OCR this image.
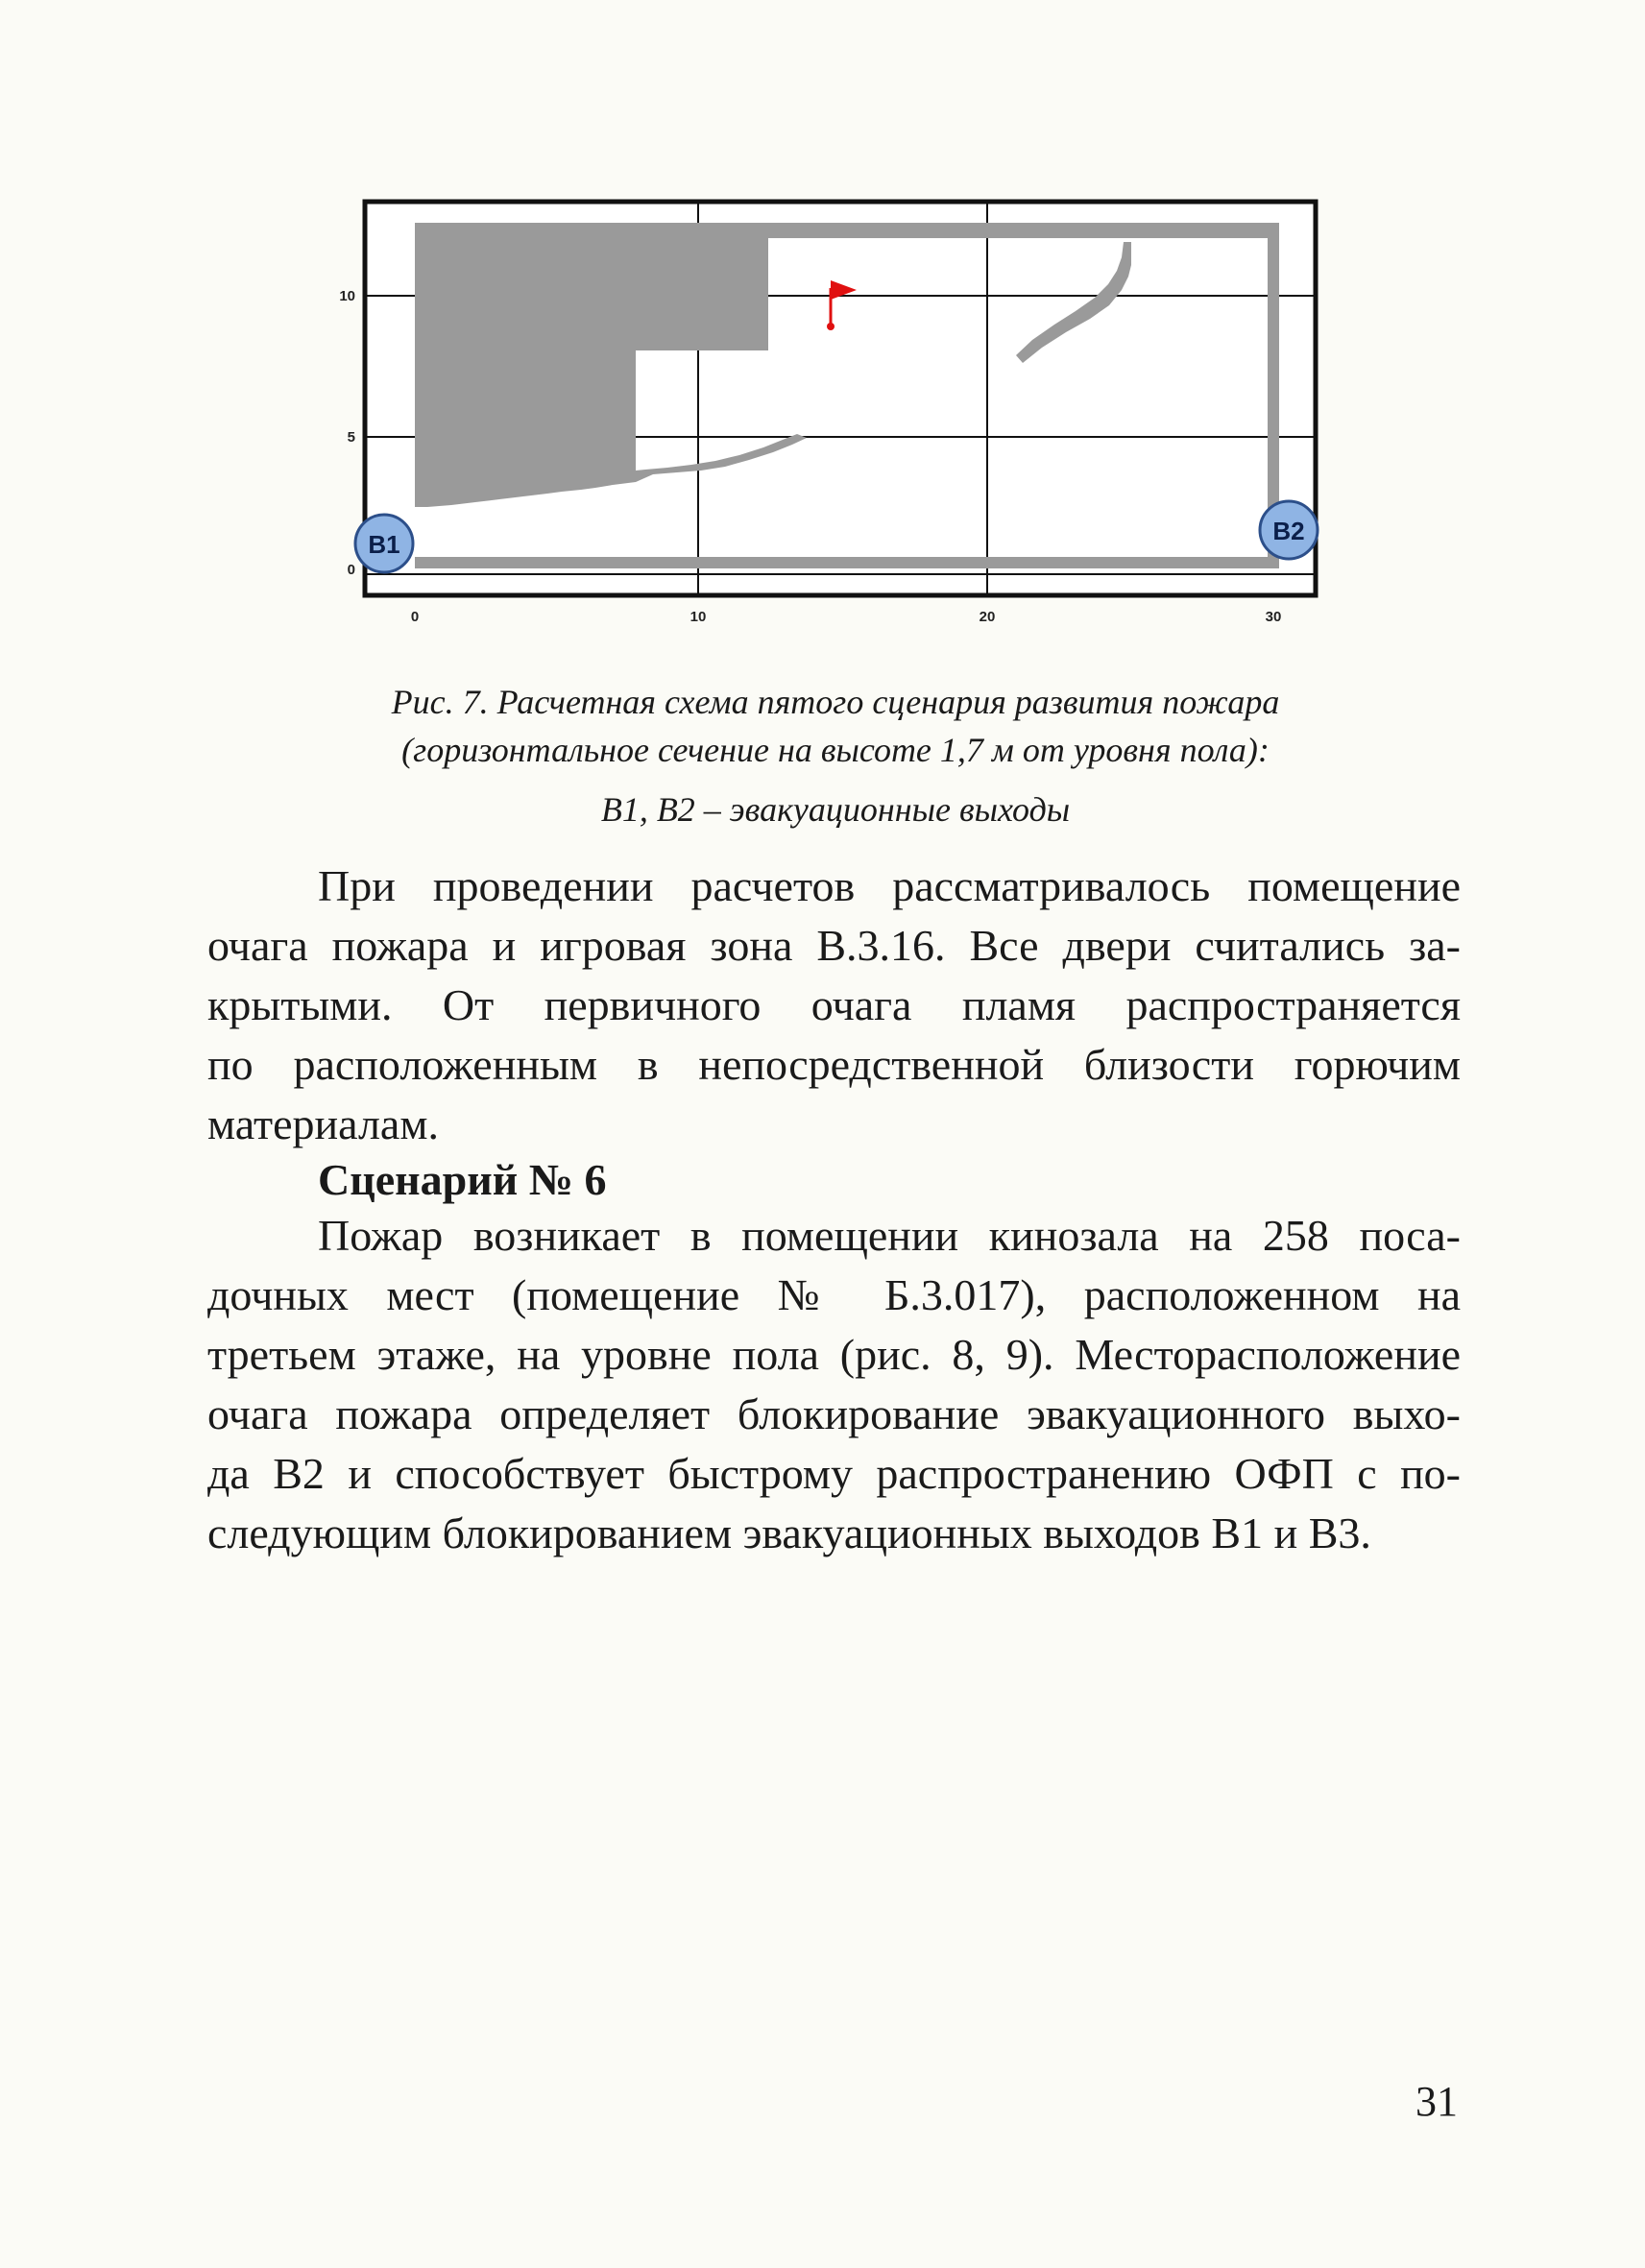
B1	B2
0
5
10
0	10	20	30
Рис. 7. Расчетная схема пятого сценария развития пожара
(горизонтальное сечение на высоте 1,7 м от уровня пола):
В1, В2 – эвакуационные выходы

При проведении расчетов рассматривалось помещение
очага пожара и игровая зона В.3.16. Все двери считались за-
крытыми. От первичного очага пламя распространяется
по расположенным в непосредственной близости горючим
материалам.

Сценарий № 6

Пожар возникает в помещении кинозала на 258 поса-
дочных мест (помещение № Б.3.017), расположенном на
третьем этаже, на уровне пола (рис. 8, 9). Месторасположение
очага пожара определяет блокирование эвакуационного выхо-
да В2 и способствует быстрому распространению ОФП с по-
следующим блокированием эвакуационных выходов В1 и В3.

31
